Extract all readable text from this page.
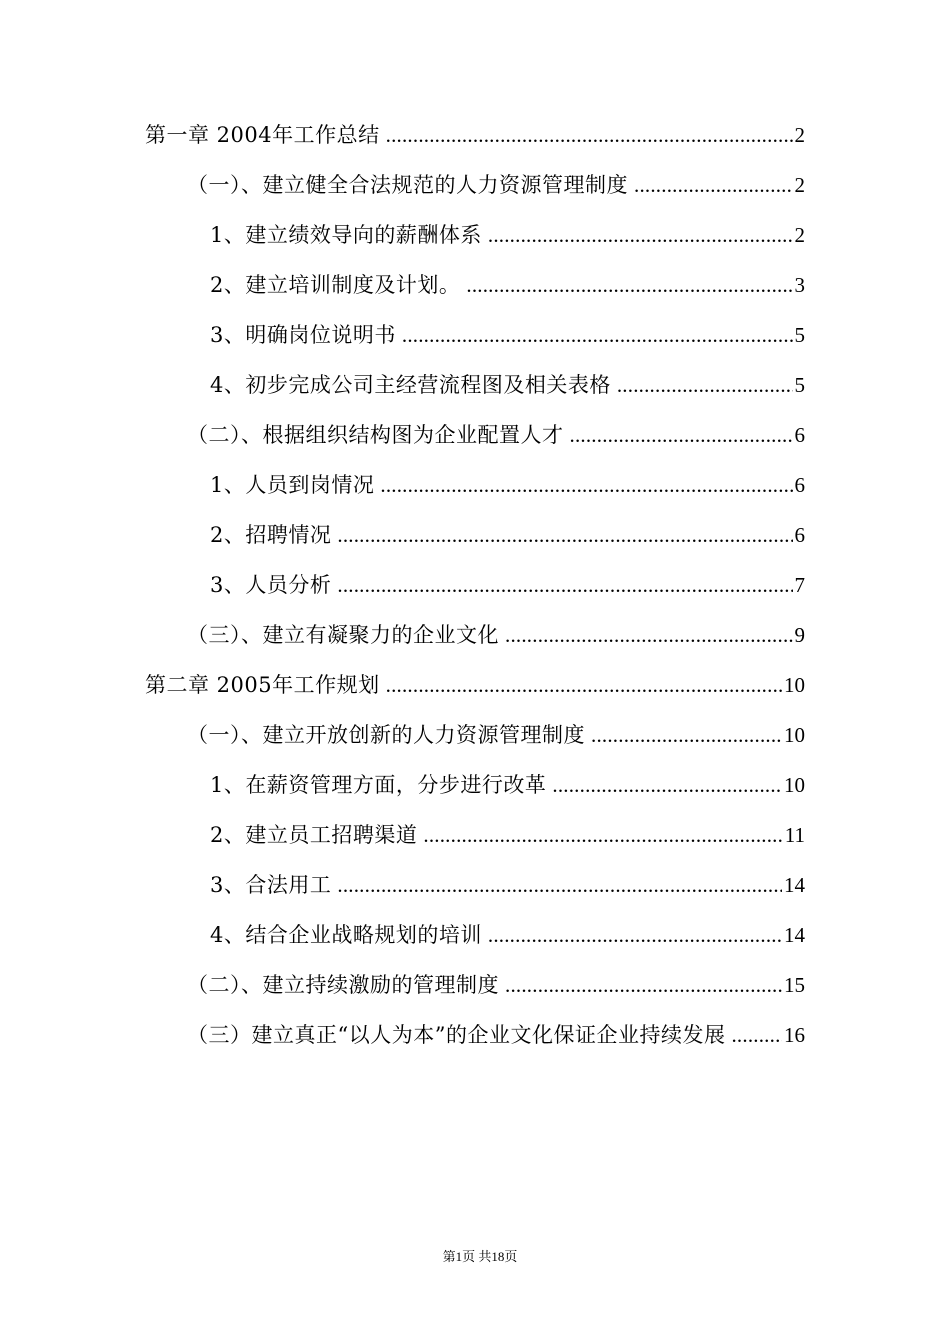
第一章 2004年工作总结 .....	2
（一）、建立健全合法规范的人力资源管理制度 .....	2
1、建立绩效导向的薪酬体系 .....	2
2、建立培训制度及计划。 .....	3
3、明确岗位说明书 .....	5
4、初步完成公司主经营流程图及相关表格 .....	5
（二）、根据组织结构图为企业配置人才 .....	6
1、人员到岗情况 .....	6
2、招聘情况 .....	6
3、人员分析 .....	7
（三）、建立有凝聚力的企业文化 .....	9
第二章 2005年工作规划 .....	10
（一）、建立开放创新的人力资源管理制度 .....	10
1、在薪资管理方面，分步进行改革 .....	10
2、建立员工招聘渠道 .....	11
3、合法用工 .....	14
4、结合企业战略规划的培训 .....	14
（二）、建立持续激励的管理制度 .....	15
（三）建立真正“以人为本”的企业文化保证企业持续发展 .....	16
第1页 共18页
